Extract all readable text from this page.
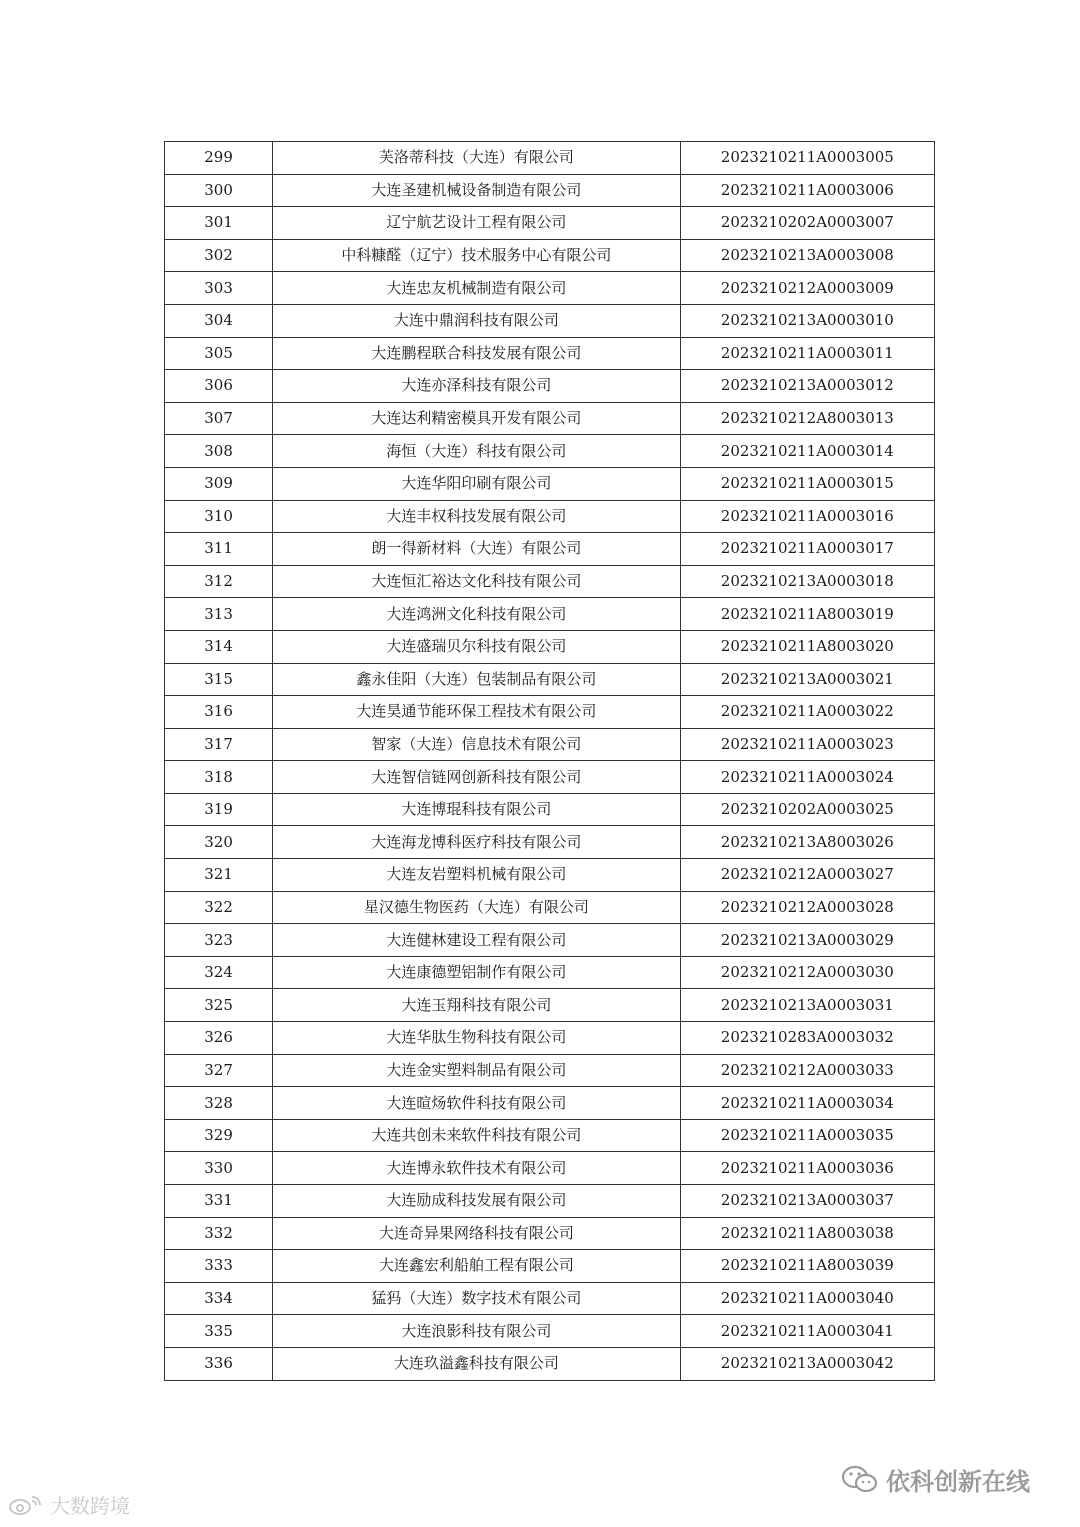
299	芙洛蒂科技（大连）有限公司	2023210211A0003005
300	大连圣建机械设备制造有限公司	2023210211A0003006
301	辽宁航艺设计工程有限公司	2023210202A0003007
302	中科糠醛（辽宁）技术服务中心有限公司	2023210213A0003008
303	大连忠友机械制造有限公司	2023210212A0003009
304	大连中鼎润科技有限公司	2023210213A0003010
305	大连鹏程联合科技发展有限公司	2023210211A0003011
306	大连亦泽科技有限公司	2023210213A0003012
307	大连达利精密模具开发有限公司	2023210212A8003013
308	海恒（大连）科技有限公司	2023210211A0003014
309	大连华阳印刷有限公司	2023210211A0003015
310	大连丰权科技发展有限公司	2023210211A0003016
311	朗一得新材料（大连）有限公司	2023210211A0003017
312	大连恒汇裕达文化科技有限公司	2023210213A0003018
313	大连鸿洲文化科技有限公司	2023210211A8003019
314	大连盛瑞贝尔科技有限公司	2023210211A8003020
315	鑫永佳阳（大连）包装制品有限公司	2023210213A0003021
316	大连昊通节能环保工程技术有限公司	2023210211A0003022
317	智家（大连）信息技术有限公司	2023210211A0003023
318	大连智信链网创新科技有限公司	2023210211A0003024
319	大连博琨科技有限公司	2023210202A0003025
320	大连海龙博科医疗科技有限公司	2023210213A8003026
321	大连友岩塑料机械有限公司	2023210212A0003027
322	星汉德生物医药（大连）有限公司	2023210212A0003028
323	大连健林建设工程有限公司	2023210213A0003029
324	大连康德塑铝制作有限公司	2023210212A0003030
325	大连玉翔科技有限公司	2023210213A0003031
326	大连华肽生物科技有限公司	2023210283A0003032
327	大连金实塑料制品有限公司	2023210212A0003033
328	大连暄炀软件科技有限公司	2023210211A0003034
329	大连共创未来软件科技有限公司	2023210211A0003035
330	大连博永软件技术有限公司	2023210211A0003036
331	大连励成科技发展有限公司	2023210213A0003037
332	大连奇异果网络科技有限公司	2023210211A8003038
333	大连鑫宏利船舶工程有限公司	2023210211A8003039
334	猛犸（大连）数字技术有限公司	2023210211A0003040
335	大连浪影科技有限公司	2023210211A0003041
336	大连玖溢鑫科技有限公司	2023210213A0003042
大数跨境
依科创新在线
